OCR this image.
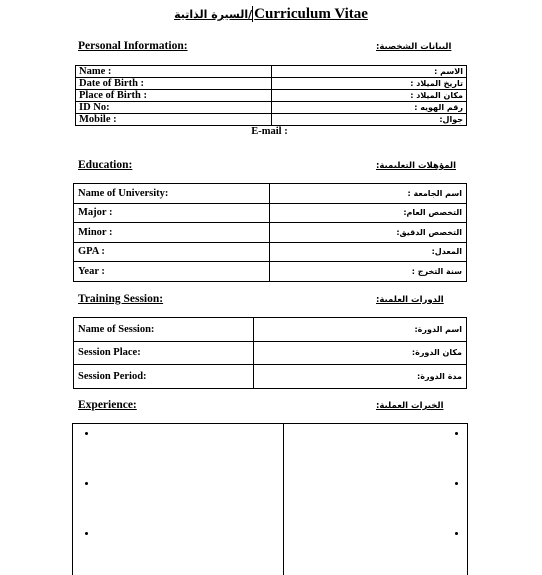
السيرة الذاتية/ Curriculum Vitae
Personal Information:	البيانات الشخصية:
Name :	الاسم :
Date of Birth :	تاريخ الميلاد :
Place of Birth :	مكان الميلاد :
ID No:	رقم الهويه :
Mobile :	جوال:
E-mail :	
Education:	المؤهلات التعليمية:
Name of University:	اسم الجامعة :
Major :	التخصص العام:
Minor :	التخصص الدقيق:
GPA :	المعدل:
Year :	سنة التخرج :
Training Session:	الدورات العلمية:
Name of Session:	اسم الدورة:
Session Place:	مكان الدورة:
Session Period:	مدة الدورة:
Experience:	الخبرات العملية:
